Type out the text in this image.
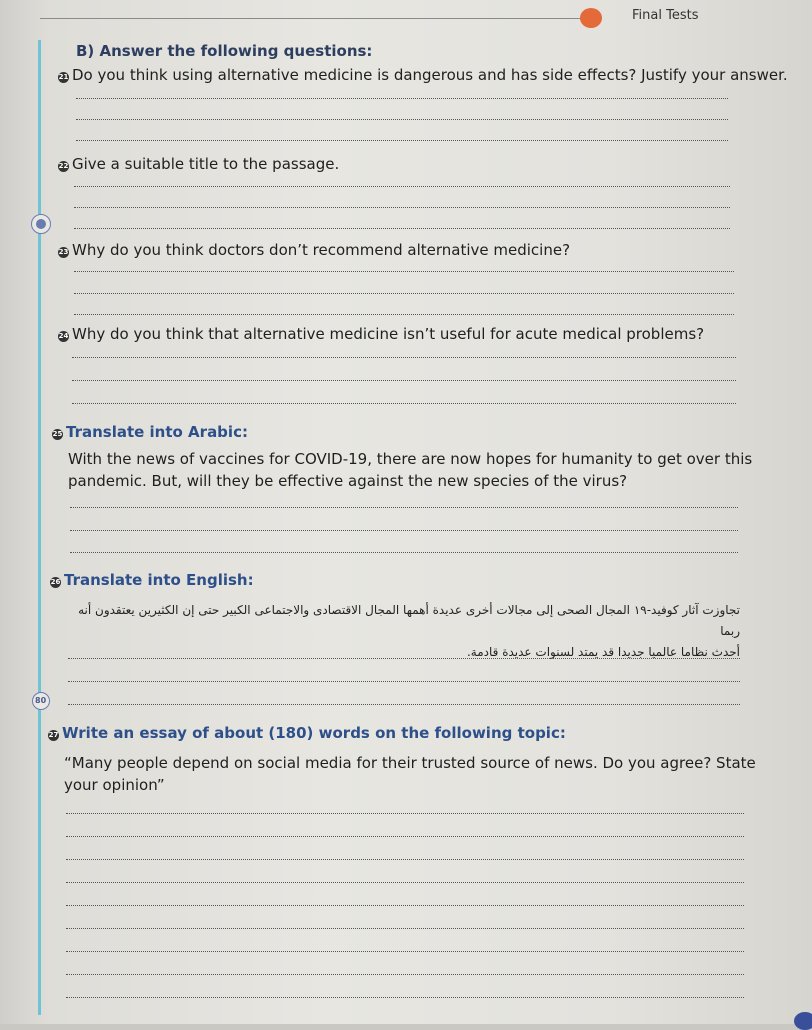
Final Tests
B) Answer the following questions:
21 Do you think using alternative medicine is dangerous and has side effects? Justify your answer.
22 Give a suitable title to the passage.
23 Why do you think doctors don’t recommend alternative medicine?
24 Why do you think that alternative medicine isn’t useful for acute medical problems?
25 Translate into Arabic:
With the news of vaccines for COVID-19, there are now hopes for humanity to get over this
pandemic. But, will they be effective against the new species of the virus?
26 Translate into English:
تجاوزت آثار كوفيد-١٩ المجال الصحى إلى مجالات أخرى عديدة أهمها المجال الاقتصادى والاجتماعى الكبير حتى إن الكثيرين يعتقدون أنه ربما
أحدث نظاما عالميا جديدا قد يمتد لسنوات عديدة قادمة.
80
27 Write an essay of about (180) words on the following topic:
“Many people depend on social media for their trusted source of news. Do you agree? State
your opinion”
